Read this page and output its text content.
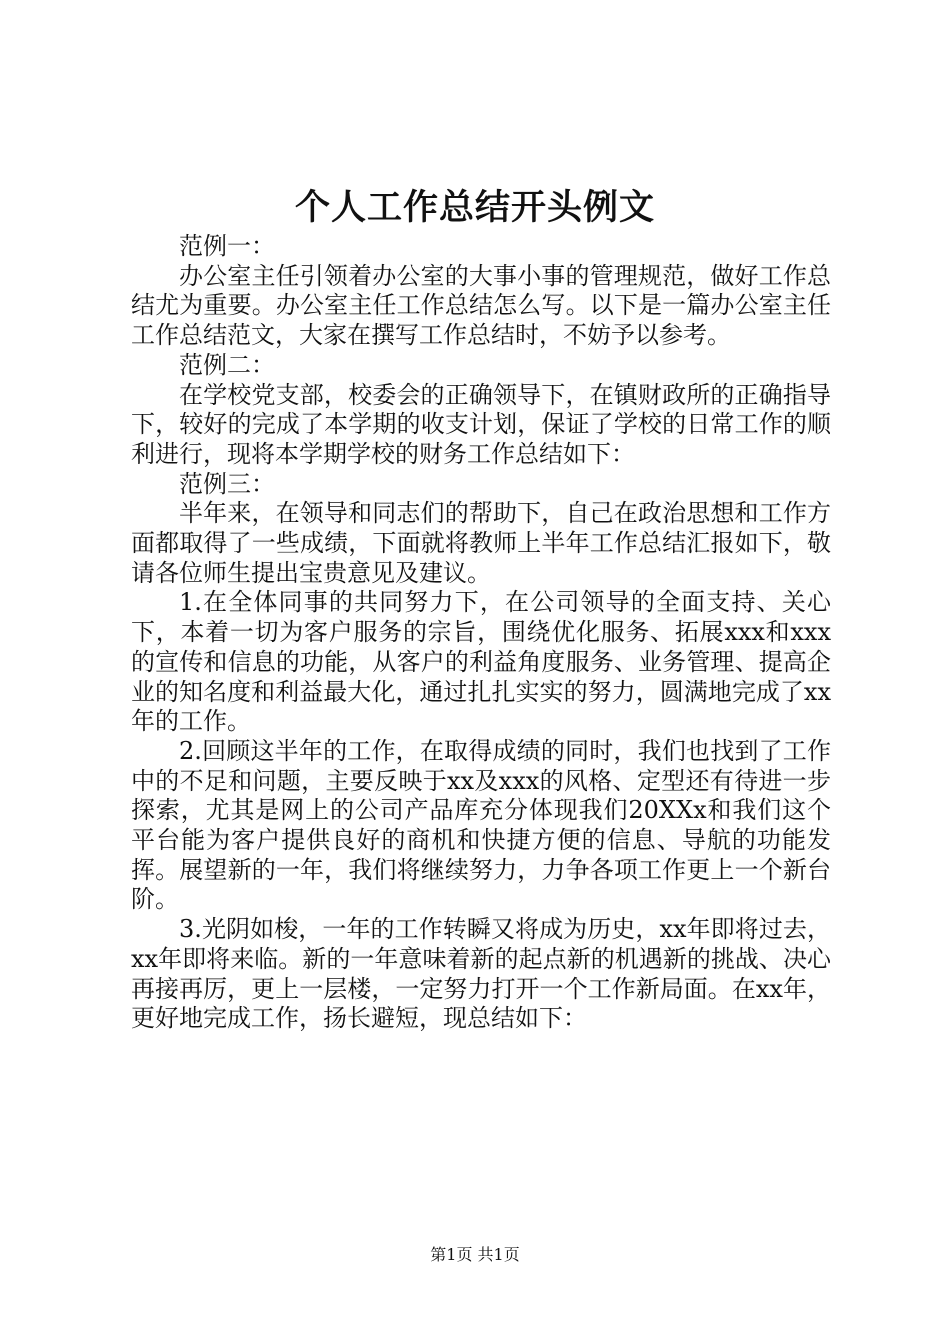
个人工作总结开头例文

范例一：

办公室主任引领着办公室的大事小事的管理规范，做好工作总结尤为重要。办公室主任工作总结怎么写。以下是一篇办公室主任工作总结范文，大家在撰写工作总结时，不妨予以参考。

范例二：

在学校党支部，校委会的正确领导下，在镇财政所的正确指导下，较好的完成了本学期的收支计划，保证了学校的日常工作的顺利进行，现将本学期学校的财务工作总结如下：

范例三：

半年来，在领导和同志们的帮助下，自己在政治思想和工作方面都取得了一些成绩，下面就将教师上半年工作总结汇报如下，敬请各位师生提出宝贵意见及建议。

1.在全体同事的共同努力下，在公司领导的全面支持、关心下，本着一切为客户服务的宗旨，围绕优化服务、拓展xxx和xxx的宣传和信息的功能，从客户的利益角度服务、业务管理、提高企业的知名度和利益最大化，通过扎扎实实的努力，圆满地完成了xx年的工作。

2.回顾这半年的工作，在取得成绩的同时，我们也找到了工作中的不足和问题，主要反映于xx及xxx的风格、定型还有待进一步探索，尤其是网上的公司产品库充分体现我们20XXx和我们这个平台能为客户提供良好的商机和快捷方便的信息、导航的功能发挥。展望新的一年，我们将继续努力，力争各项工作更上一个新台阶。

3.光阴如梭，一年的工作转瞬又将成为历史，xx年即将过去，xx年即将来临。新的一年意味着新的起点新的机遇新的挑战、决心再接再厉，更上一层楼，一定努力打开一个工作新局面。在xx年，更好地完成工作，扬长避短，现总结如下：

第1页 共1页
